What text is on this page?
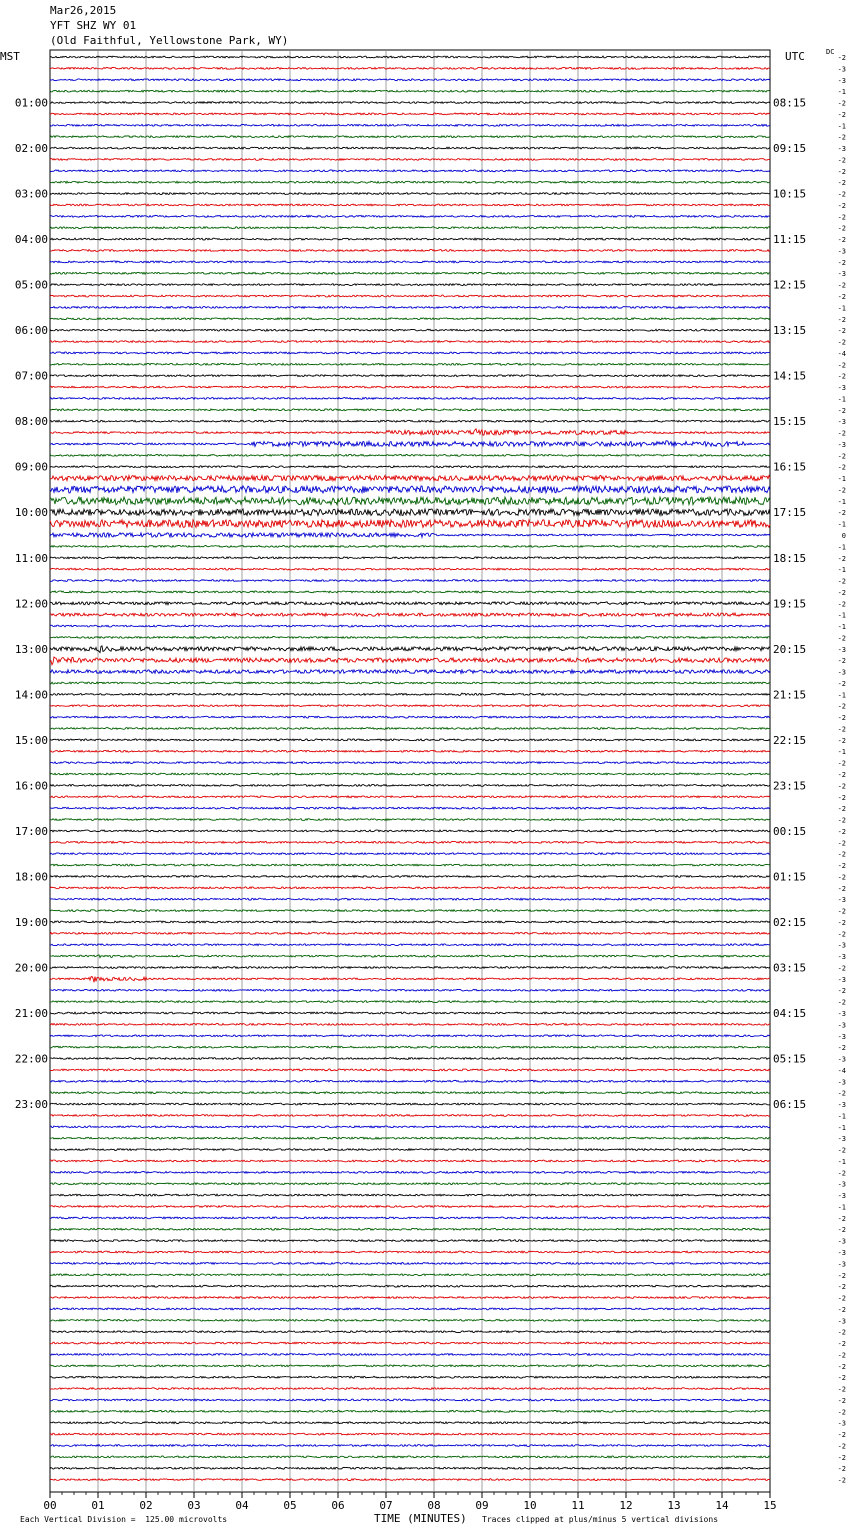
01:00
02:00
03:00
04:00
05:00
06:00
07:00
08:00
09:00
10:00
11:00
12:00
13:00
14:00
15:00
16:00
17:00
18:00
19:00
20:00
21:00
22:00
23:00
08:15
09:15
10:15
11:15
12:15
13:15
14:15
15:15
16:15
17:15
18:15
19:15
20:15
21:15
22:15
23:15
00:15
01:15
02:15
03:15
04:15
05:15
06:15
-2
-3
-3
-1
-2
-2
-1
-2
-3
-2
-2
-2
-2
-2
-2
-2
-2
-3
-2
-3
-2
-2
-1
-2
-2
-2
-4
-2
-2
-3
-1
-2
-3
-2
-3
-2
-2
-1
-2
-1
-2
-1
0
-1
-2
-1
-2
-2
-2
-1
-1
-2
-3
-2
-3
-2
-1
-2
-2
-2
-2
-1
-2
-2
-2
-2
-2
-2
-2
-2
-2
-2
-2
-2
-3
-2
-2
-2
-3
-3
-2
-3
-2
-2
-3
-3
-3
-2
-3
-4
-3
-2
-3
-1
-1
-3
-2
-1
-2
-3
-3
-1
-2
-2
-3
-3
-3
-2
-2
-2
-2
-3
-2
-2
-2
-2
-2
-2
-2
-2
-3
-2
-2
-2
-2
-2
00	01	02	03	04	05	06	07	08	09	10	11	12	13	14	15
Mar26,2015
YFT SHZ WY 01
(Old Faithful, Yellowstone Park, WY)
MST	UTC	DC
Each Vertical Division =  125.00 microvolts	TIME (MINUTES) Traces clipped at plus/minus 5 vertical divisions
